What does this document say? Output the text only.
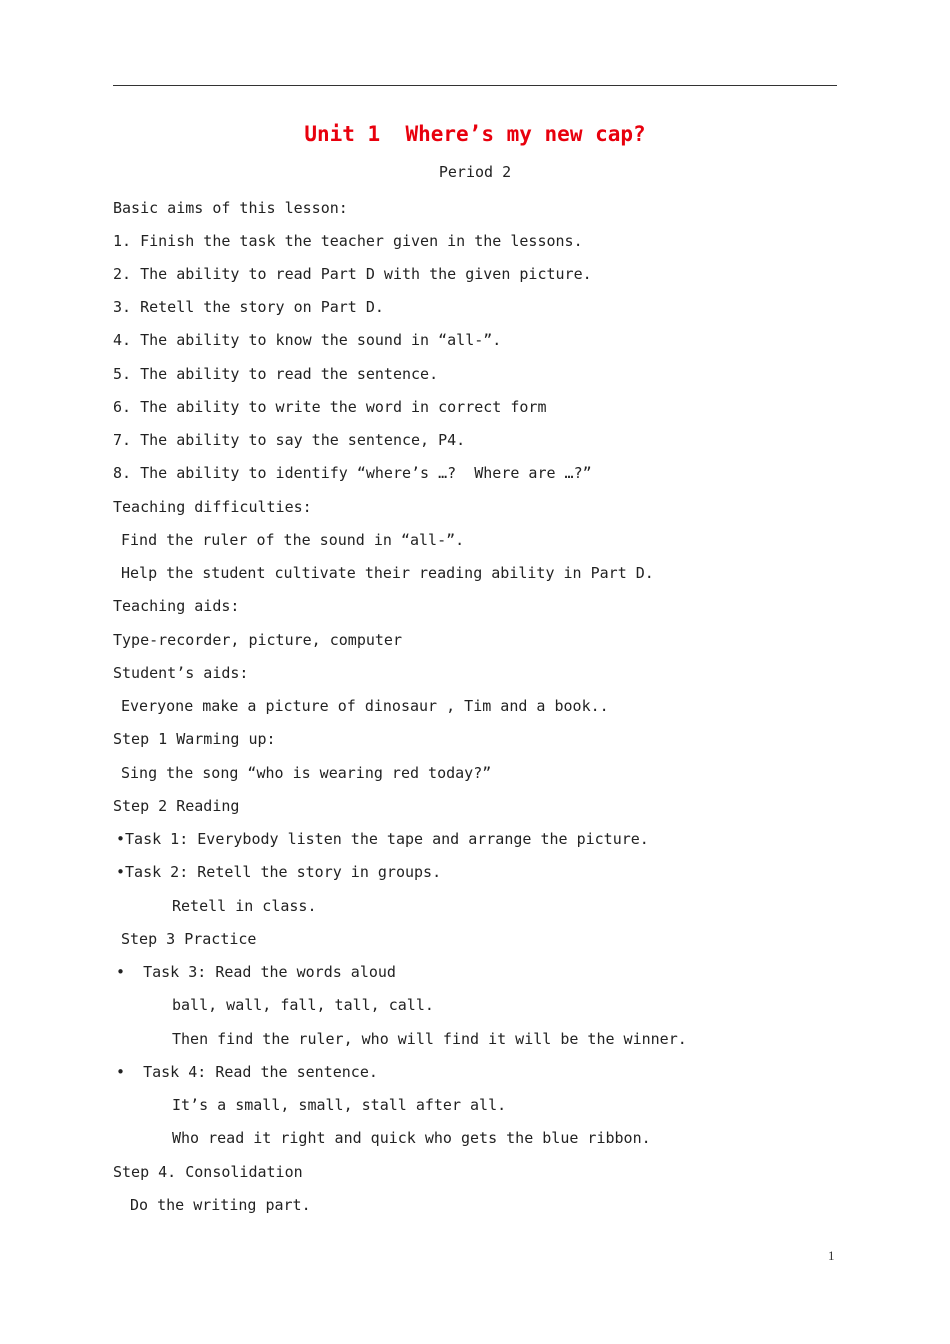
Unit 1  Where’s my new cap?
Period 2
Basic aims of this lesson:
1. Finish the task the teacher given in the lessons.
2. The ability to read Part D with the given picture.
3. Retell the story on Part D.
4. The ability to know the sound in “all-”.
5. The ability to read the sentence.
6. The ability to write the word in correct form
7. The ability to say the sentence, P4.
8. The ability to identify “where’s …?  Where are …?”
Teaching difficulties:
Find the ruler of the sound in “all-”.
Help the student cultivate their reading ability in Part D.
Teaching aids:
Type-recorder, picture, computer
Student’s aids:
Everyone make a picture of dinosaur , Tim and a book..
Step 1 Warming up:
Sing the song “who is wearing red today?”
Step 2 Reading
•Task 1: Everybody listen the tape and arrange the picture.
•Task 2: Retell the story in groups.
Retell in class.
Step 3 Practice
•  Task 3: Read the words aloud
ball, wall, fall, tall, call.
Then find the ruler, who will find it will be the winner.
•  Task 4: Read the sentence.
It’s a small, small, stall after all.
Who read it right and quick who gets the blue ribbon.
Step 4. Consolidation
Do the writing part.
1
